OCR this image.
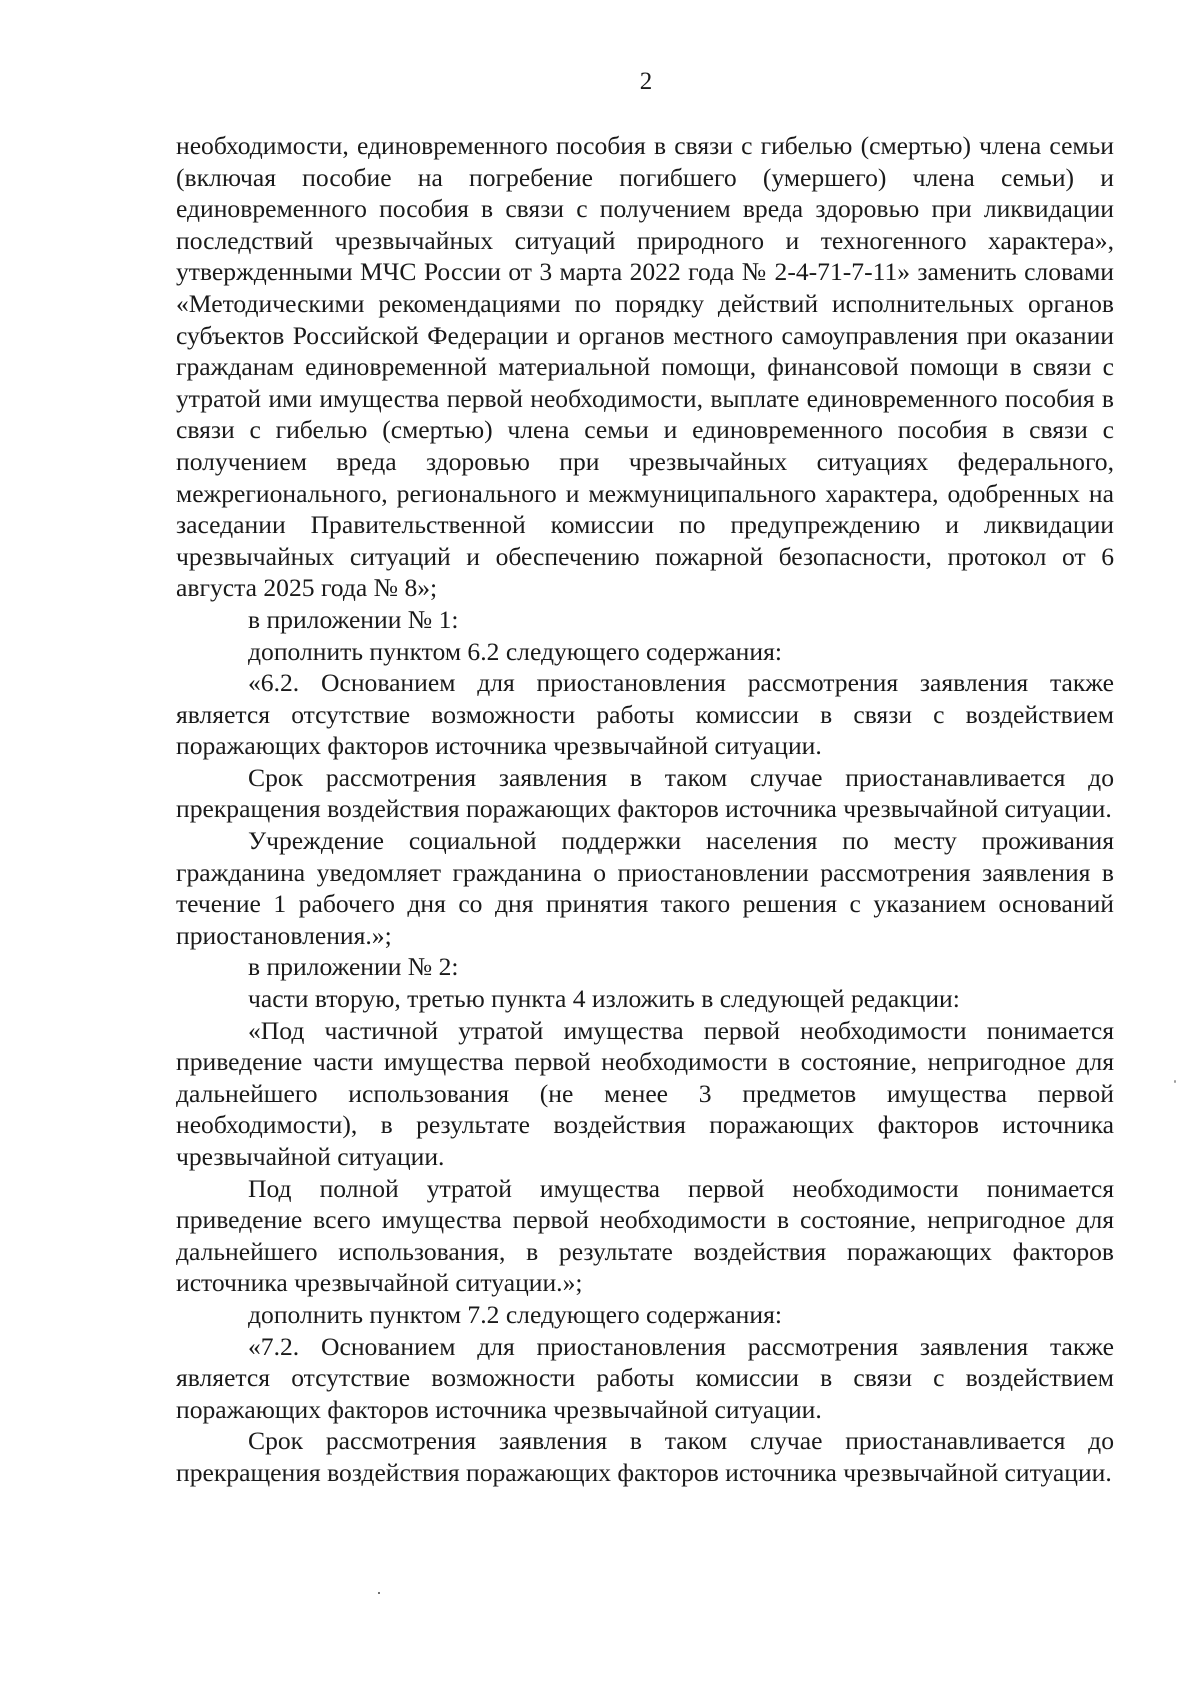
2

необходимости, единовременного пособия в связи с гибелью (смертью) члена семьи (включая пособие на погребение погибшего (умершего) члена семьи) и единовременного пособия в связи с получением вреда здоровью при ликвидации последствий чрезвычайных ситуаций природного и техногенного характера», утвержденными МЧС России от 3 марта 2022 года № 2-4-71-7-11» заменить словами «Методическими рекомендациями по порядку действий исполнительных органов субъектов Российской Федерации и органов местного самоуправления при оказании гражданам единовременной материальной помощи, финансовой помощи в связи с утратой ими имущества первой необходимости, выплате единовременного пособия в связи с гибелью (смертью) члена семьи и единовременного пособия в связи с получением вреда здоровью при чрезвычайных ситуациях федерального, межрегионального, регионального и межмуниципального характера, одобренных на заседании Правительственной комиссии по предупреждению и ликвидации чрезвычайных ситуаций и обеспечению пожарной безопасности, протокол от 6 августа 2025 года № 8»;

в приложении № 1:

дополнить пунктом 6.2 следующего содержания:

«6.2. Основанием для приостановления рассмотрения заявления также является отсутствие возможности работы комиссии в связи с воздействием поражающих факторов источника чрезвычайной ситуации.

Срок рассмотрения заявления в таком случае приостанавливается до прекращения воздействия поражающих факторов источника чрезвычайной ситуации.

Учреждение социальной поддержки населения по месту проживания гражданина уведомляет гражданина о приостановлении рассмотрения заявления в течение 1 рабочего дня со дня принятия такого решения с указанием оснований приостановления.»;

в приложении № 2:

части вторую, третью пункта 4 изложить в следующей редакции:

«Под частичной утратой имущества первой необходимости понимается приведение части имущества первой необходимости в состояние, непригодное для дальнейшего использования (не менее 3 предметов имущества первой необходимости), в результате воздействия поражающих факторов источника чрезвычайной ситуации.

Под полной утратой имущества первой необходимости понимается приведение всего имущества первой необходимости в состояние, непригодное для дальнейшего использования, в результате воздействия поражающих факторов источника чрезвычайной ситуации.»;

дополнить пунктом 7.2 следующего содержания:

«7.2. Основанием для приостановления рассмотрения заявления также является отсутствие возможности работы комиссии в связи с воздействием поражающих факторов источника чрезвычайной ситуации.

Срок рассмотрения заявления в таком случае приостанавливается до прекращения воздействия поражающих факторов источника чрезвычайной ситуации.
